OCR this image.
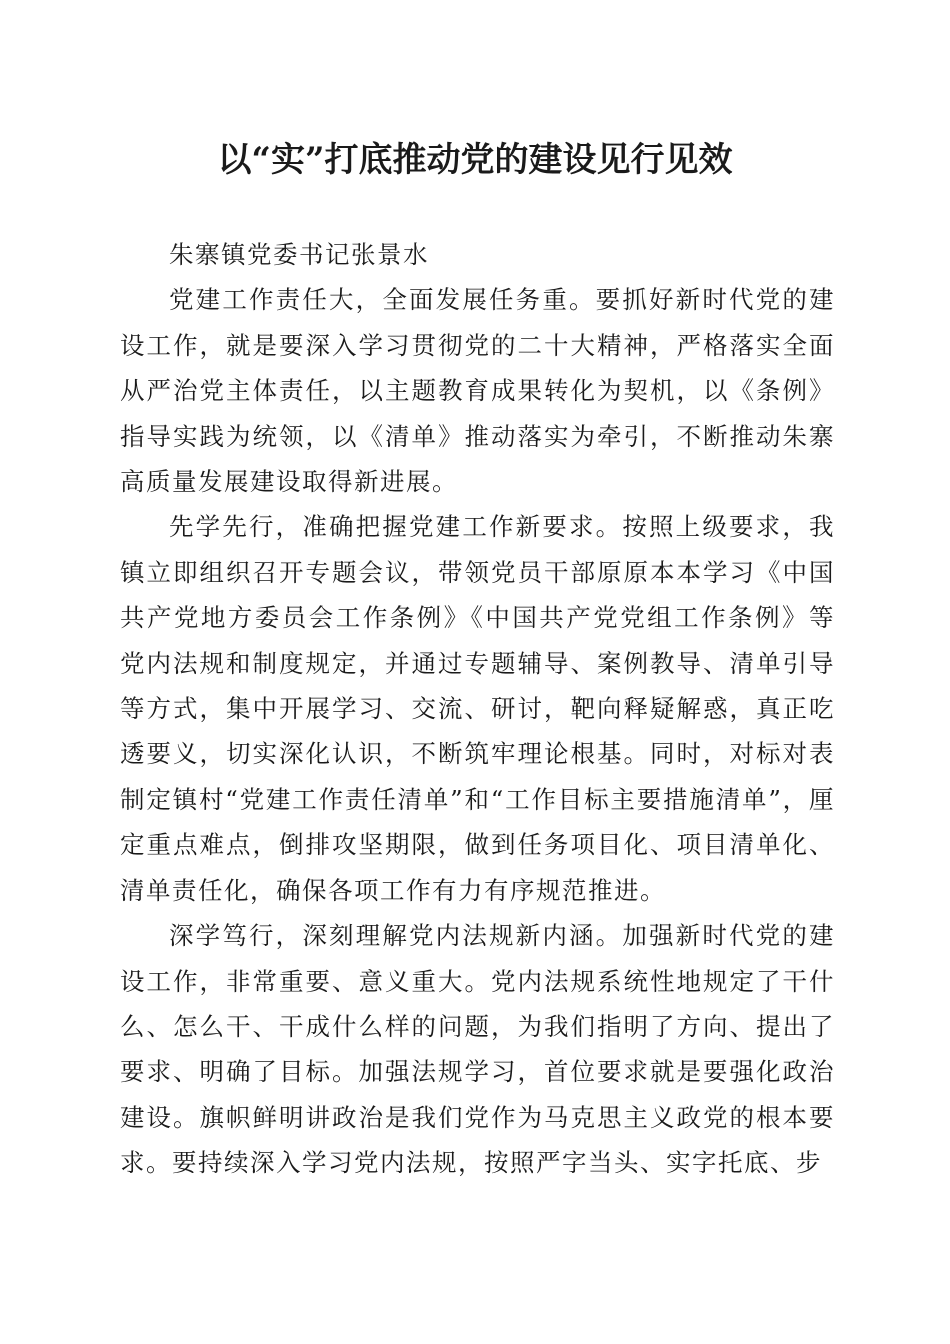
以“实”打底推动党的建设见行见效

朱寨镇党委书记张景水

党建工作责任大，全面发展任务重。要抓好新时代党的建设工作，就是要深入学习贯彻党的二十大精神，严格落实全面从严治党主体责任，以主题教育成果转化为契机，以《条例》指导实践为统领，以《清单》推动落实为牵引，不断推动朱寨高质量发展建设取得新进展。

先学先行，准确把握党建工作新要求。按照上级要求，我镇立即组织召开专题会议，带领党员干部原原本本学习《中国共产党地方委员会工作条例》《中国共产党党组工作条例》等党内法规和制度规定，并通过专题辅导、案例教导、清单引导等方式，集中开展学习、交流、研讨，靶向释疑解惑，真正吃透要义，切实深化认识，不断筑牢理论根基。同时，对标对表制定镇村“党建工作责任清单”和“工作目标主要措施清单”，厘定重点难点，倒排攻坚期限，做到任务项目化、项目清单化、清单责任化，确保各项工作有力有序规范推进。

深学笃行，深刻理解党内法规新内涵。加强新时代党的建设工作，非常重要、意义重大。党内法规系统性地规定了干什么、怎么干、干成什么样的问题，为我们指明了方向、提出了要求、明确了目标。加强法规学习，首位要求就是要强化政治建设。旗帜鲜明讲政治是我们党作为马克思主义政党的根本要求。要持续深入学习党内法规，按照严字当头、实字托底、步
